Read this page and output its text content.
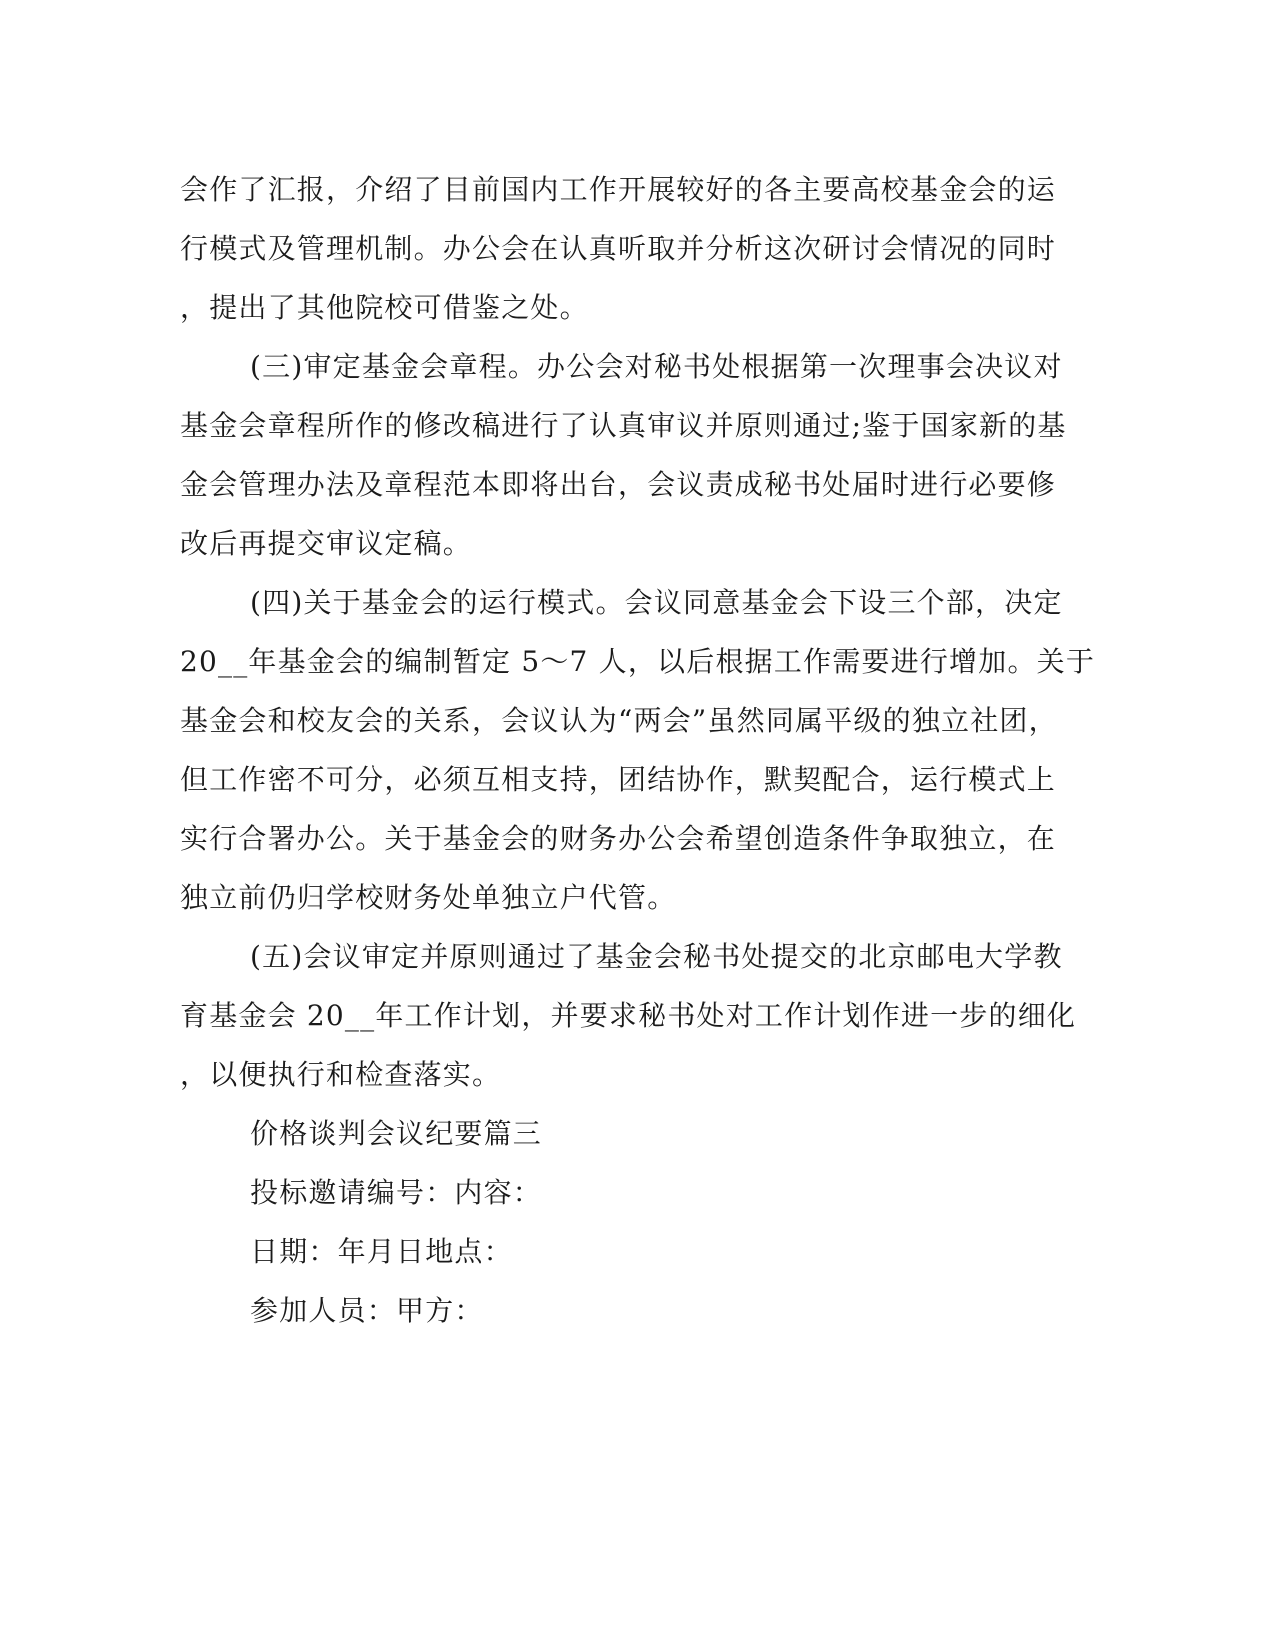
会作了汇报，介绍了目前国内工作开展较好的各主要高校基金会的运
行模式及管理机制。办公会在认真听取并分析这次研讨会情况的同时
，提出了其他院校可借鉴之处。
(三)审定基金会章程。办公会对秘书处根据第一次理事会决议对
基金会章程所作的修改稿进行了认真审议并原则通过;鉴于国家新的基
金会管理办法及章程范本即将出台，会议责成秘书处届时进行必要修
改后再提交审议定稿。
(四)关于基金会的运行模式。会议同意基金会下设三个部，决定
20__年基金会的编制暂定 5～7 人，以后根据工作需要进行增加。关于
基金会和校友会的关系，会议认为“两会”虽然同属平级的独立社团，
但工作密不可分，必须互相支持，团结协作，默契配合，运行模式上
实行合署办公。关于基金会的财务办公会希望创造条件争取独立，在
独立前仍归学校财务处单独立户代管。
(五)会议审定并原则通过了基金会秘书处提交的北京邮电大学教
育基金会 20__年工作计划，并要求秘书处对工作计划作进一步的细化
，以便执行和检查落实。
价格谈判会议纪要篇三
投标邀请编号：内容：
日期：年月日地点：
参加人员：甲方：
